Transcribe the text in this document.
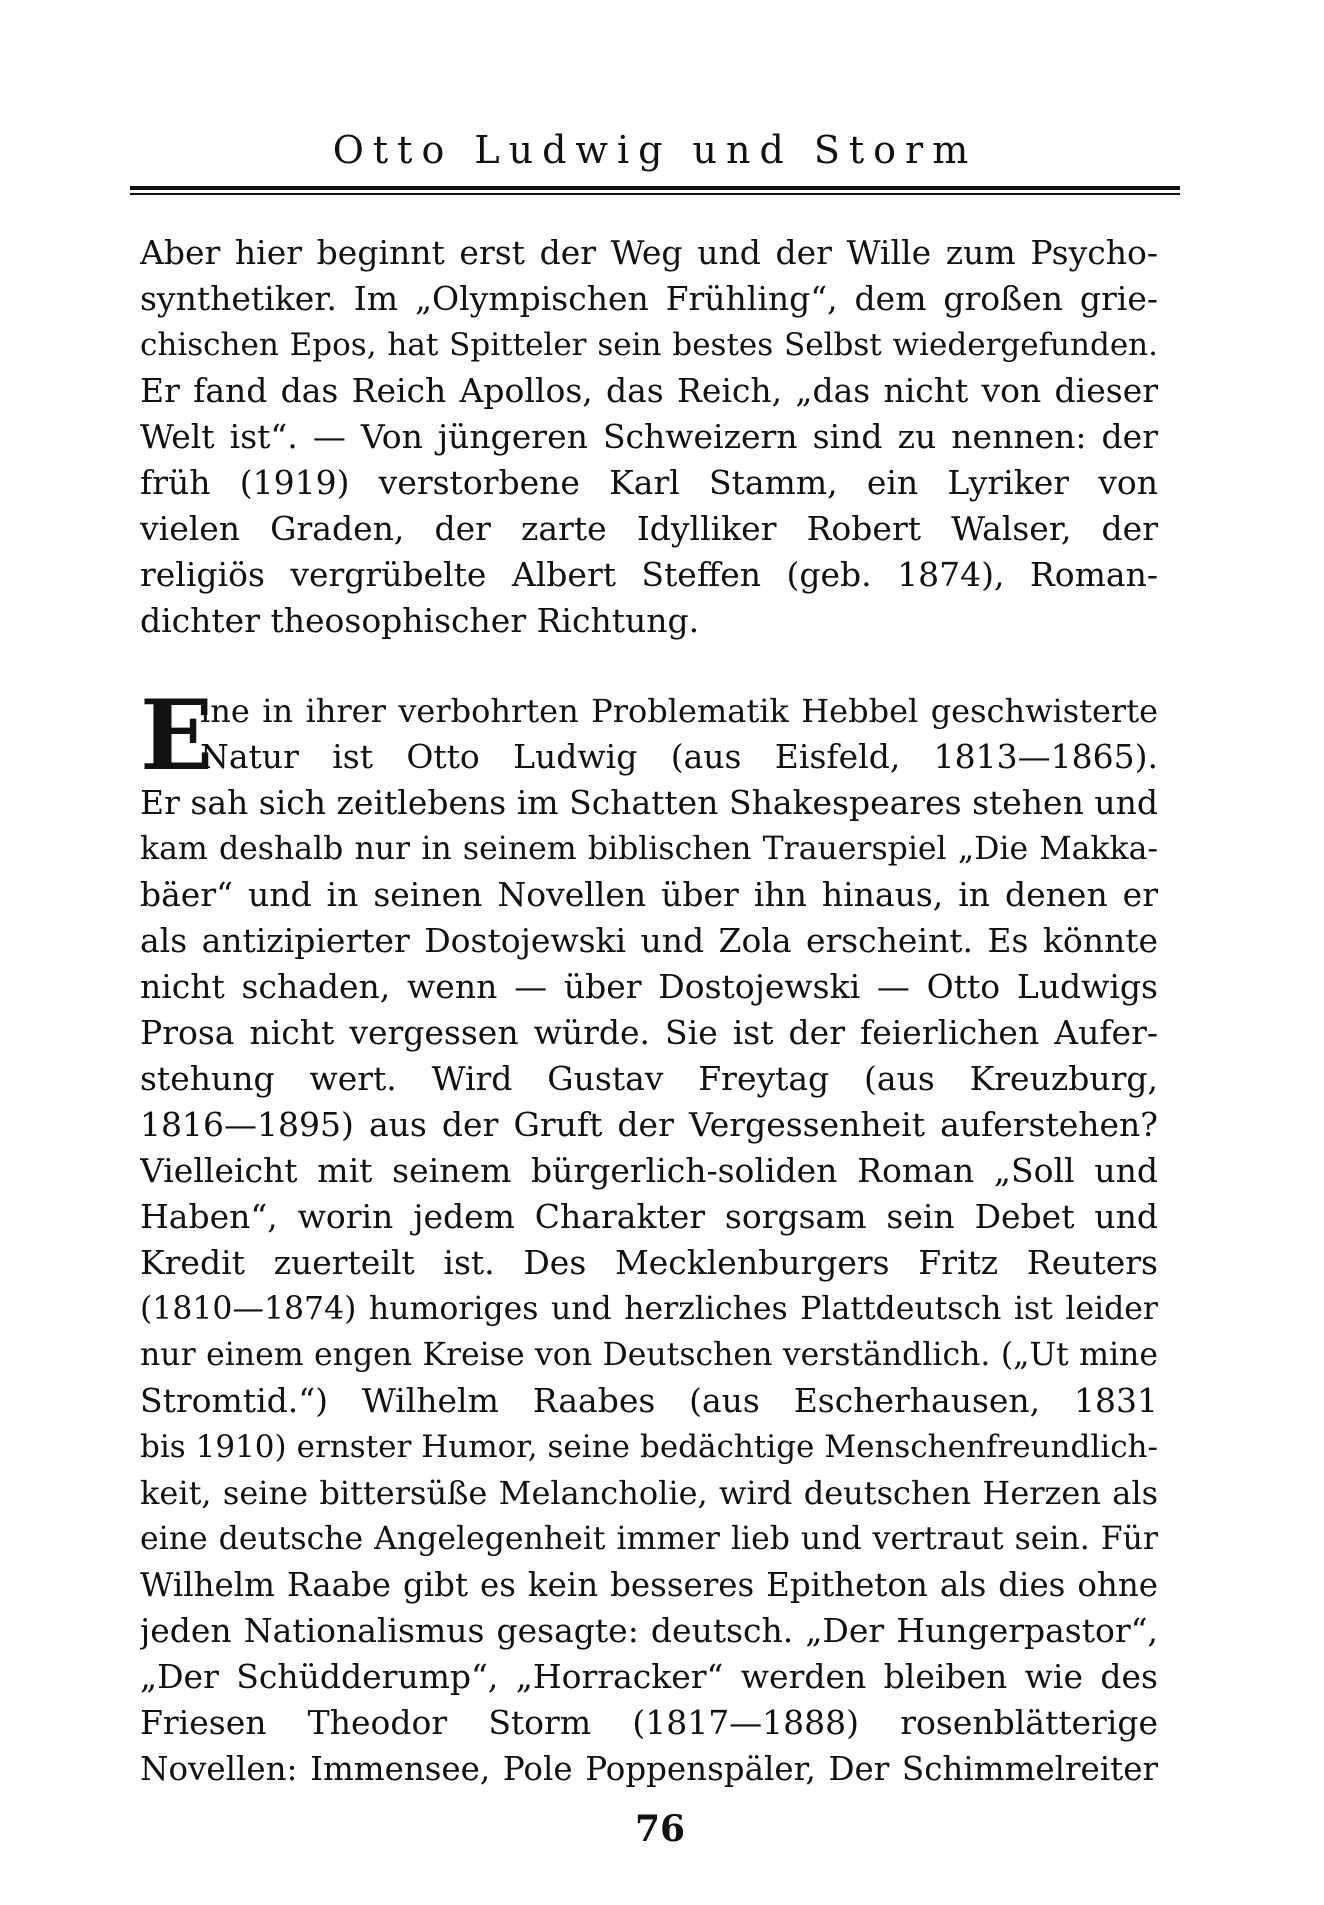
Otto Ludwig und Storm
Aber hier beginnt erst der Weg und der Wille zum Psycho-
synthetiker. Im „Olympischen Frühling“, dem großen grie-
chischen Epos, hat Spitteler sein bestes Selbst wiedergefunden.
Er fand das Reich Apollos, das Reich, „das nicht von dieser
Welt ist“. — Von jüngeren Schweizern sind zu nennen: der
früh (1919) verstorbene Karl Stamm, ein Lyriker von
vielen Graden, der zarte Idylliker Robert Walser, der
religiös vergrübelte Albert Steffen (geb. 1874), Roman-
dichter theosophischer Richtung.
E
ine in ihrer verbohrten Problematik Hebbel geschwisterte
Natur ist Otto Ludwig (aus Eisfeld, 1813—1865).
Er sah sich zeitlebens im Schatten Shakespeares stehen und
kam deshalb nur in seinem biblischen Trauerspiel „Die Makka-
bäer“ und in seinen Novellen über ihn hinaus, in denen er
als antizipierter Dostojewski und Zola erscheint. Es könnte
nicht schaden, wenn — über Dostojewski — Otto Ludwigs
Prosa nicht vergessen würde. Sie ist der feierlichen Aufer-
stehung wert. Wird Gustav Freytag (aus Kreuzburg,
1816—1895) aus der Gruft der Vergessenheit auferstehen?
Vielleicht mit seinem bürgerlich-soliden Roman „Soll und
Haben“, worin jedem Charakter sorgsam sein Debet und
Kredit zuerteilt ist. Des Mecklenburgers Fritz Reuters
(1810—1874) humoriges und herzliches Plattdeutsch ist leider
nur einem engen Kreise von Deutschen verständlich. („Ut mine
Stromtid.“) Wilhelm Raabes (aus Escherhausen, 1831
bis 1910) ernster Humor, seine bedächtige Menschenfreundlich-
keit, seine bittersüße Melancholie, wird deutschen Herzen als
eine deutsche Angelegenheit immer lieb und vertraut sein. Für
Wilhelm Raabe gibt es kein besseres Epitheton als dies ohne
jeden Nationalismus gesagte: deutsch. „Der Hungerpastor“,
„Der Schüdderump“, „Horracker“ werden bleiben wie des
Friesen Theodor Storm (1817—1888) rosenblätterige
Novellen: Immensee, Pole Poppenspäler, Der Schimmelreiter
76
